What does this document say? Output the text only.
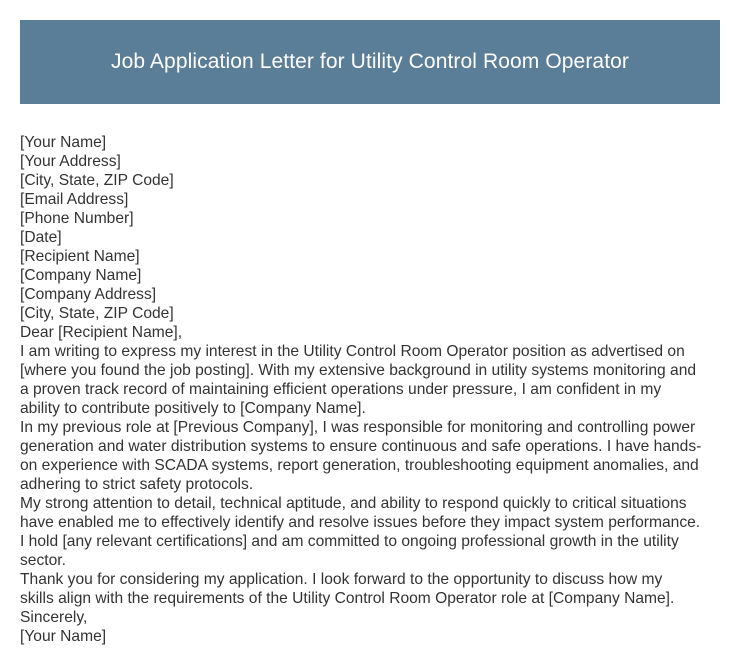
Job Application Letter for Utility Control Room Operator
[Your Name]
[Your Address]
[City, State, ZIP Code]
[Email Address]
[Phone Number]
[Date]
[Recipient Name]
[Company Name]
[Company Address]
[City, State, ZIP Code]
Dear [Recipient Name],
I am writing to express my interest in the Utility Control Room Operator position as advertised on
[where you found the job posting]. With my extensive background in utility systems monitoring and
a proven track record of maintaining efficient operations under pressure, I am confident in my
ability to contribute positively to [Company Name].
In my previous role at [Previous Company], I was responsible for monitoring and controlling power
generation and water distribution systems to ensure continuous and safe operations. I have hands-
on experience with SCADA systems, report generation, troubleshooting equipment anomalies, and
adhering to strict safety protocols.
My strong attention to detail, technical aptitude, and ability to respond quickly to critical situations
have enabled me to effectively identify and resolve issues before they impact system performance.
I hold [any relevant certifications] and am committed to ongoing professional growth in the utility
sector.
Thank you for considering my application. I look forward to the opportunity to discuss how my
skills align with the requirements of the Utility Control Room Operator role at [Company Name].
Sincerely,
[Your Name]
